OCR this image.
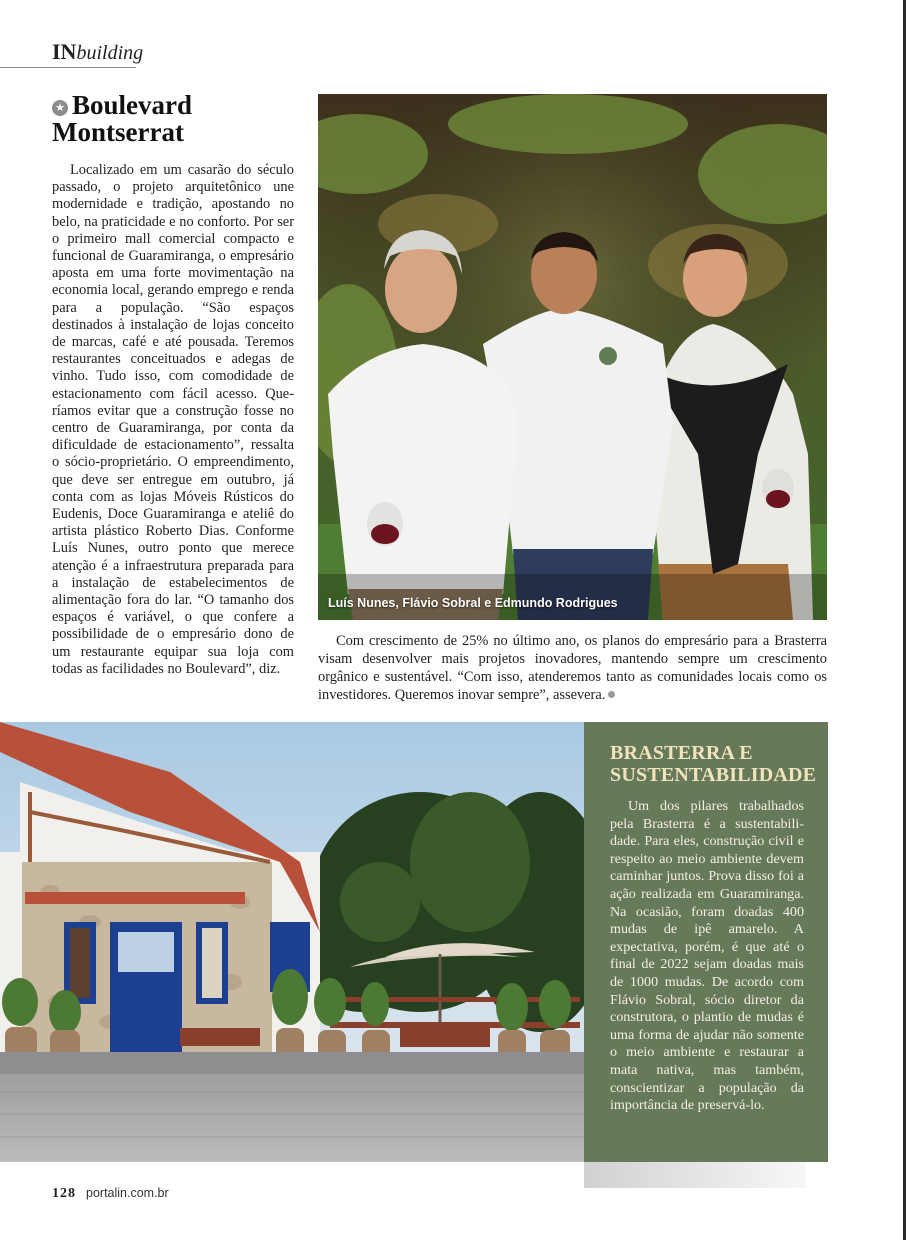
INbuilding
★ Boulevard
Montserrat

Localizado em um casarão do século passado, o projeto arquitetônico une modernidade e tradição, apostando no belo, na praticidade e no conforto. Por ser o primeiro mall comercial compacto e funcional de Guaramiranga, o empresário aposta em uma forte movimentação na economia local, gerando emprego e renda para a população. “São espaços destinados à instalação de lojas conceito de marcas, café e até pousada. Teremos restaurantes conceituados e adegas de vinho. Tudo isso, com comodidade de estacionamento com fácil acesso. Queríamos evitar que a construção fosse no centro de Guaramiranga, por conta da dificuldade de estacionamento”, ressalta o sócio-proprietário. O empreendimento, que deve ser entregue em outubro, já conta com as lojas Móveis Rústicos do Eudenis, Doce Guaramiranga e ateliê do artista plástico Roberto Dias. Conforme Luís Nunes, outro ponto que merece atenção é a infraestrutura preparada para a instalação de estabelecimentos de alimentação fora do lar. “O tamanho dos espaços é variável, o que confere a possibilidade de o empresário dono de um restaurante equipar sua loja com todas as facilidades no Boulevard”, diz.

Luís Nunes, Flávio Sobral e Edmundo Rodrigues

Com crescimento de 25% no último ano, os planos do empresário para a Brasterra visam desenvolver mais projetos inovadores, mantendo sempre um crescimento orgânico e sustentável. “Com isso, atenderemos tanto as comunidades locais como os investidores. Queremos inovar sempre”, assevera.

BRASTERRA E
SUSTENTABILIDADE

Um dos pilares trabalhados pela Brasterra é a sustentabilidade. Para eles, construção civil e respeito ao meio ambiente devem caminhar juntos. Prova disso foi a ação realizada em Guaramiranga. Na ocasião, foram doadas 400 mudas de ipê amarelo. A expectativa, porém, é que até o final de 2022 sejam doadas mais de 1000 mudas. De acordo com Flávio Sobral, sócio diretor da construtora, o plantio de mudas é uma forma de ajudar não somente o meio ambiente e restaurar a mata nativa, mas também, conscientizar a população da importância de preservá-lo.

128 portalin.com.br
